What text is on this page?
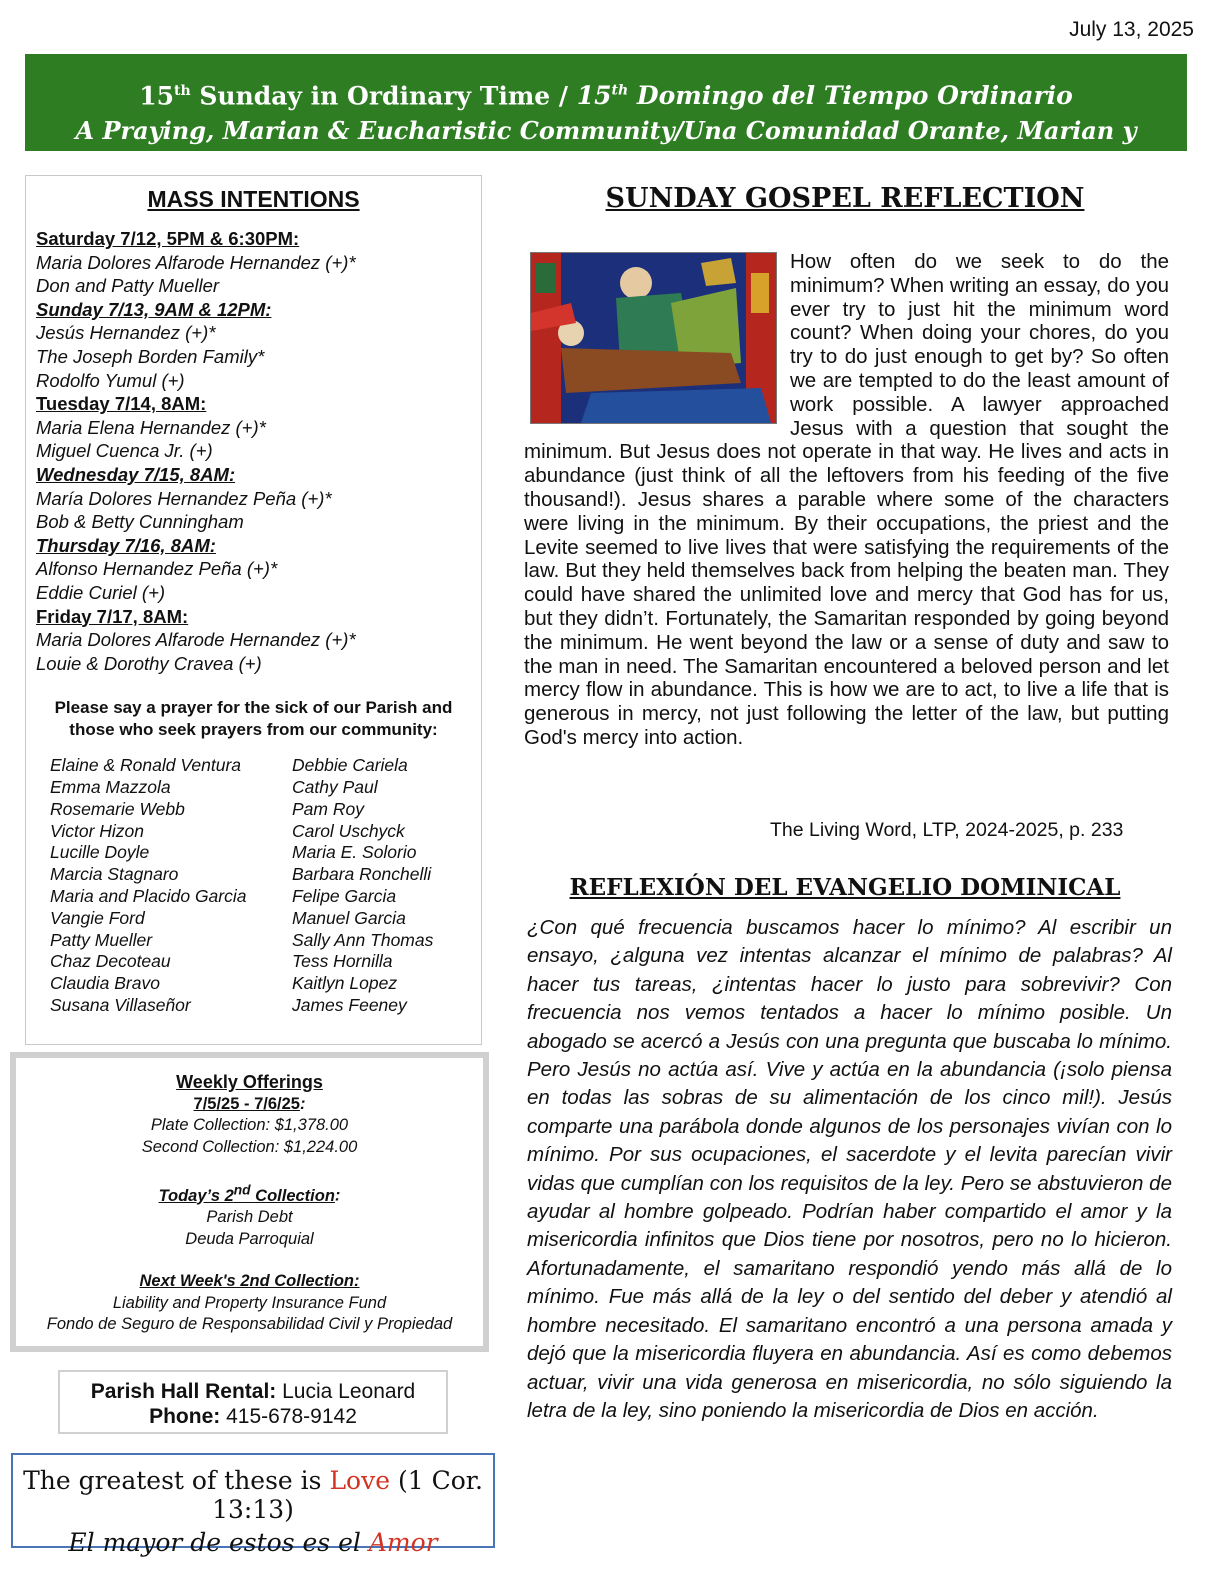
July 13, 2025
15th Sunday in Ordinary Time / 15th Domingo del Tiempo Ordinario
A Praying, Marian & Eucharistic Community/Una Comunidad Orante, Marian y Eucarística
MASS INTENTIONS
Saturday 7/12, 5PM & 6:30PM:
Maria Dolores Alfarode Hernandez (+)*
Don and Patty Mueller
Sunday 7/13, 9AM & 12PM:
Jesús Hernandez (+)*
The Joseph Borden Family*
Rodolfo Yumul (+)
Tuesday 7/14, 8AM:
Maria Elena Hernandez (+)*
Miguel Cuenca Jr. (+)
Wednesday 7/15, 8AM:
María Dolores Hernandez Peña (+)*
Bob & Betty Cunningham
Thursday 7/16, 8AM:
Alfonso Hernandez Peña (+)*
Eddie Curiel (+)
Friday 7/17, 8AM:
Maria Dolores Alfarode Hernandez (+)*
Louie & Dorothy Cravea (+)
Please say a prayer for the sick of our Parish and those who seek prayers from our community:
Elaine & Ronald Ventura
Emma Mazzola
Rosemarie Webb
Victor Hizon
Lucille Doyle
Marcia Stagnaro
Maria and Placido Garcia
Vangie Ford
Patty Mueller
Chaz Decoteau
Claudia Bravo
Susana Villaseñor
Debbie Cariela
Cathy Paul
Pam Roy
Carol Uschyck
Maria E. Solorio
Barbara Ronchelli
Felipe Garcia
Manuel Garcia
Sally Ann Thomas
Tess Hornilla
Kaitlyn Lopez
James Feeney
Weekly Offerings
7/5/25 - 7/6/25:
Plate Collection: $1,378.00
Second Collection: $1,224.00
Today’s 2nd Collection:
Parish Debt
Deuda Parroquial
Next Week's 2nd Collection:
Liability and Property Insurance Fund
Fondo de Seguro de Responsabilidad Civil y Propiedad
Parish Hall Rental: Lucia Leonard
Phone: 415-678-9142
The greatest of these is Love (1 Cor. 13:13)
El mayor de estos es el Amor
SUNDAY GOSPEL REFLECTION
How often do we seek to do the minimum? When writing an essay, do you ever try to just hit the minimum word count? When doing your chores, do you try to do just enough to get by? So often we are tempted to do the least amount of work possible. A lawyer approached Jesus with a question that sought the minimum. But Jesus does not operate in that way. He lives and acts in abundance (just think of all the leftovers from his feeding of the five thousand!). Jesus shares a parable where some of the characters were living in the minimum. By their occupations, the priest and the Levite seemed to live lives that were satisfying the requirements of the law. But they held themselves back from helping the beaten man. They could have shared the unlimited love and mercy that God has for us, but they didn’t. Fortunately, the Samaritan responded by going beyond the minimum. He went beyond the law or a sense of duty and saw to the man in need. The Samaritan encountered a beloved person and let mercy flow in abundance. This is how we are to act, to live a life that is generous in mercy, not just following the letter of the law, but putting God's mercy into action.
The Living Word, LTP, 2024-2025, p. 233
REFLEXIÓN DEL EVANGELIO DOMINICAL
¿Con qué frecuencia buscamos hacer lo mínimo? Al escribir un ensayo, ¿alguna vez intentas alcanzar el mínimo de palabras? Al hacer tus tareas, ¿intentas hacer lo justo para sobrevivir? Con frecuencia nos vemos tentados a hacer lo mínimo posible. Un abogado se acercó a Jesús con una pregunta que buscaba lo mínimo. Pero Jesús no actúa así. Vive y actúa en la abundancia (¡solo piensa en todas las sobras de su alimentación de los cinco mil!). Jesús comparte una parábola donde algunos de los personajes vivían con lo mínimo. Por sus ocupaciones, el sacerdote y el levita parecían vivir vidas que cumplían con los requisitos de la ley. Pero se abstuvieron de ayudar al hombre golpeado. Podrían haber compartido el amor y la misericordia infinitos que Dios tiene por nosotros, pero no lo hicieron. Afortunadamente, el samaritano respondió yendo más allá de lo mínimo. Fue más allá de la ley o del sentido del deber y atendió al hombre necesitado. El samaritano encontró a una persona amada y dejó que la misericordia fluyera en abundancia. Así es como debemos actuar, vivir una vida generosa en misericordia, no sólo siguiendo la letra de la ley, sino poniendo la misericordia de Dios en acción.
